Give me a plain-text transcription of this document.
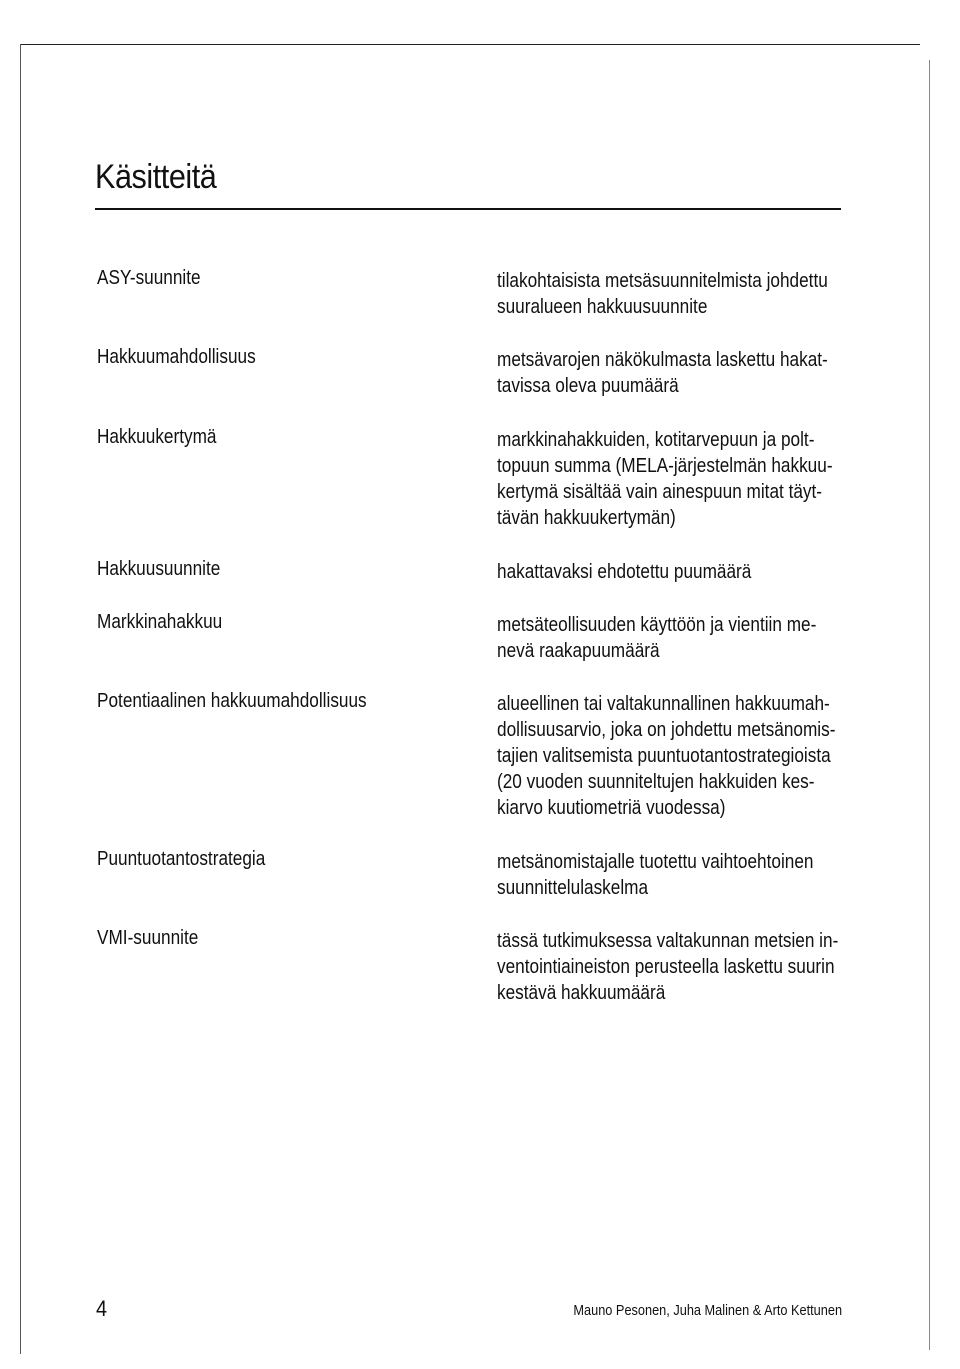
Käsitteitä
ASY-suunnite	tilakohtaisista metsäsuunnitelmista johdettu
suuralueen hakkuusuunnite
Hakkuumahdollisuus	metsävarojen näkökulmasta laskettu hakat-
tavissa oleva puumäärä
Hakkuukertymä	markkinahakkuiden, kotitarvepuun ja polt-
topuun summa (MELA-järjestelmän hakkuu-
kertymä sisältää vain ainespuun mitat täyt-
tävän hakkuukertymän)
Hakkuusuunnite	hakattavaksi ehdotettu puumäärä
Markkinahakkuu	metsäteollisuuden käyttöön ja vientiin me-
nevä raakapuumäärä
Potentiaalinen hakkuumahdollisuus	alueellinen tai valtakunnallinen hakkuumah-
dollisuusarvio, joka on johdettu metsänomis-
tajien valitsemista puuntuotantostrategioista
(20 vuoden suunniteltujen hakkuiden kes-
kiarvo kuutiometriä vuodessa)
Puuntuotantostrategia	metsänomistajalle tuotettu vaihtoehtoinen
suunnittelulaskelma
VMI-suunnite	tässä tutkimuksessa valtakunnan metsien in-
ventointiaineiston perusteella laskettu suurin
kestävä hakkuumäärä
4	Mauno Pesonen, Juha Malinen & Arto Kettunen
